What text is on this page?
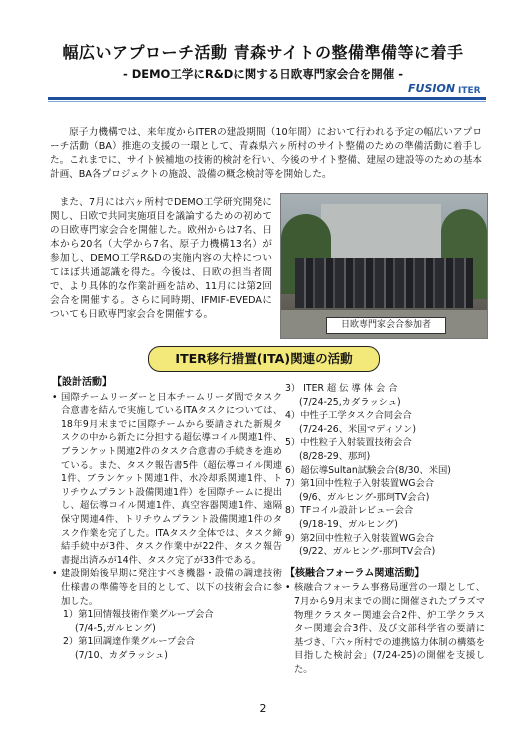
幅広いアプローチ活動 青森サイトの整備準備等に着手
- DEMO工学にR&Dに関する日欧専門家会合を開催 -
FUSION ITER

原子力機構では、来年度からITERの建設期間（10年間）において行われる予定の幅広いアプローチ活動（BA）推進の支援の一環として、青森県六ヶ所村のサイト整備のための準備活動に着手した。これまでに、サイト候補地の技術的検討を行い、今後のサイト整備、建屋の建設等のための基本計画、BA各プロジェクトの施設、設備の概念検討等を開始した。

また、7月には六ヶ所村でDEMO工学研究開発に関し、日欧で共同実施項目を議論するための初めての日欧専門家会合を開催した。欧州からは7名、日本から20名（大学から7名、原子力機構13名）が参加し、DEMO工学R&Dの実施内容の大枠についてほぼ共通認識を得た。今後は、日欧の担当者間で、より具体的な作業計画を詰め、11月には第2回会合を開催する。さらに同時期、IFMIF-EVEDAについても日欧専門家会合を開催する。

日欧専門家会合参加者
ITER移行措置(ITA)関連の活動

【設計活動】

• 国際チームリーダーと日本チームリーダ間でタスク合意書を結んで実施しているITAタスクについては、18年9月末までに国際チームから要請された新規タスクの中から新たに分担する超伝導コイル関連1件、ブランケット関連2件のタスク合意書の手続きを進めている。また、タスク報告書5件（超伝導コイル関連1件、ブランケット関連1件、水冷却系関連1件、トリチウムプラント設備関連1件）を国際チームに提出し、超伝導コイル関連1件、真空容器関連1件、遠隔保守関連4件、トリチウムプラント設備関連1件のタスク作業を完了した。ITAタスク全体では、タスク締結手続中が3件、タスク作業中が22件、タスク報告書提出済みが14件、タスク完了が33件である。

• 建設開始後早期に発注すべき機器・設備の調達技術仕様書の準備等を目的として、以下の技術会合に参加した。

1）第1回情報技術作業グループ会合
(7/4-5,ガルヒング)

2）第1回調達作業グループ会合
(7/10、カダラッシュ)

3） ITER 超 伝 導 体 会 合
(7/24-25,カダラッシュ)

4）中性子工学タスク合同会合
(7/24-26、米国マディソン)

5）中性粒子入射装置技術会合
(8/28-29、那珂)

6）超伝導Sultan試験会合(8/30、米国)

7）第1回中性粒子入射装置WG会合
(9/6、ガルヒング-那珂TV会合)

8）TFコイル設計レビュー会合
(9/18-19、ガルヒング)

9）第2回中性粒子入射装置WG会合
(9/22、ガルヒング-那珂TV会合)

【核融合フォーラム関連活動】

• 核融合フォーラム事務局運営の一環として、7月から9月末までの間に開催されたプラズマ物理クラスター関連会合2件、炉工学クラスター関連会合3件、及び文部科学省の要請に基づき、「六ヶ所村での連携協力体制の構築を目指した検討会」(7/24-25)の開催を支援した。

2
